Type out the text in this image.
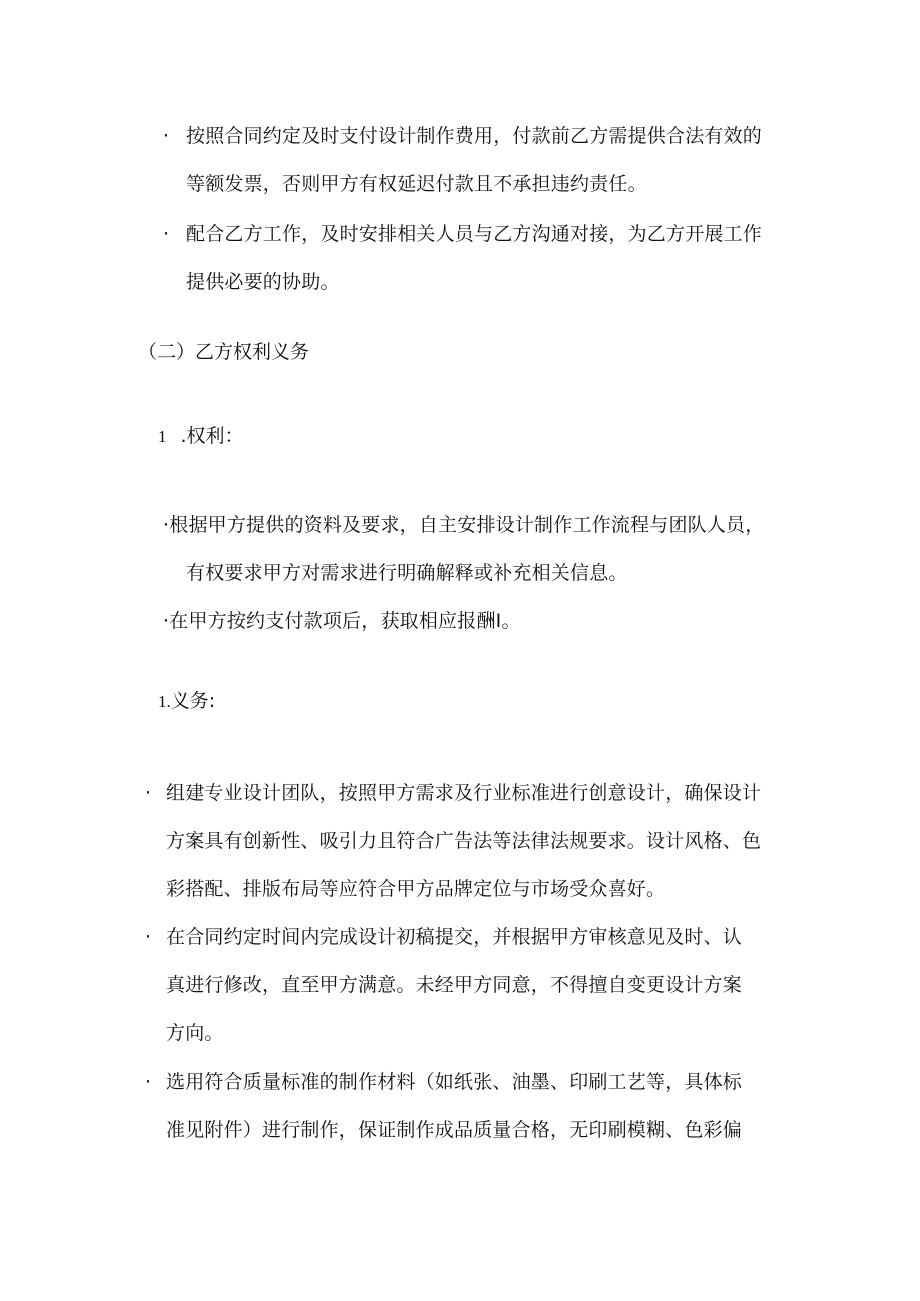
· 按照合同约定及时支付设计制作费用，付款前乙方需提供合法有效的
等额发票，否则甲方有权延迟付款且不承担违约责任。
· 配合乙方工作，及时安排相关人员与乙方沟通对接，为乙方开展工作
提供必要的协助。
（二）乙方权利义务
1 .权利：
·根据甲方提供的资料及要求，自主安排设计制作工作流程与团队人员，
有权要求甲方对需求进行明确解释或补充相关信息。
·在甲方按约支付款项后，获取相应报酬I。
1.义务:
· 组建专业设计团队，按照甲方需求及行业标准进行创意设计，确保设计
方案具有创新性、吸引力且符合广告法等法律法规要求。设计风格、色
彩搭配、排版布局等应符合甲方品牌定位与市场受众喜好。
· 在合同约定时间内完成设计初稿提交，并根据甲方审核意见及时、认
真进行修改，直至甲方满意。未经甲方同意，不得擅自变更设计方案
方向。
· 选用符合质量标准的制作材料（如纸张、油墨、印刷工艺等，具体标
准见附件）进行制作，保证制作成品质量合格，无印刷模糊、色彩偏
